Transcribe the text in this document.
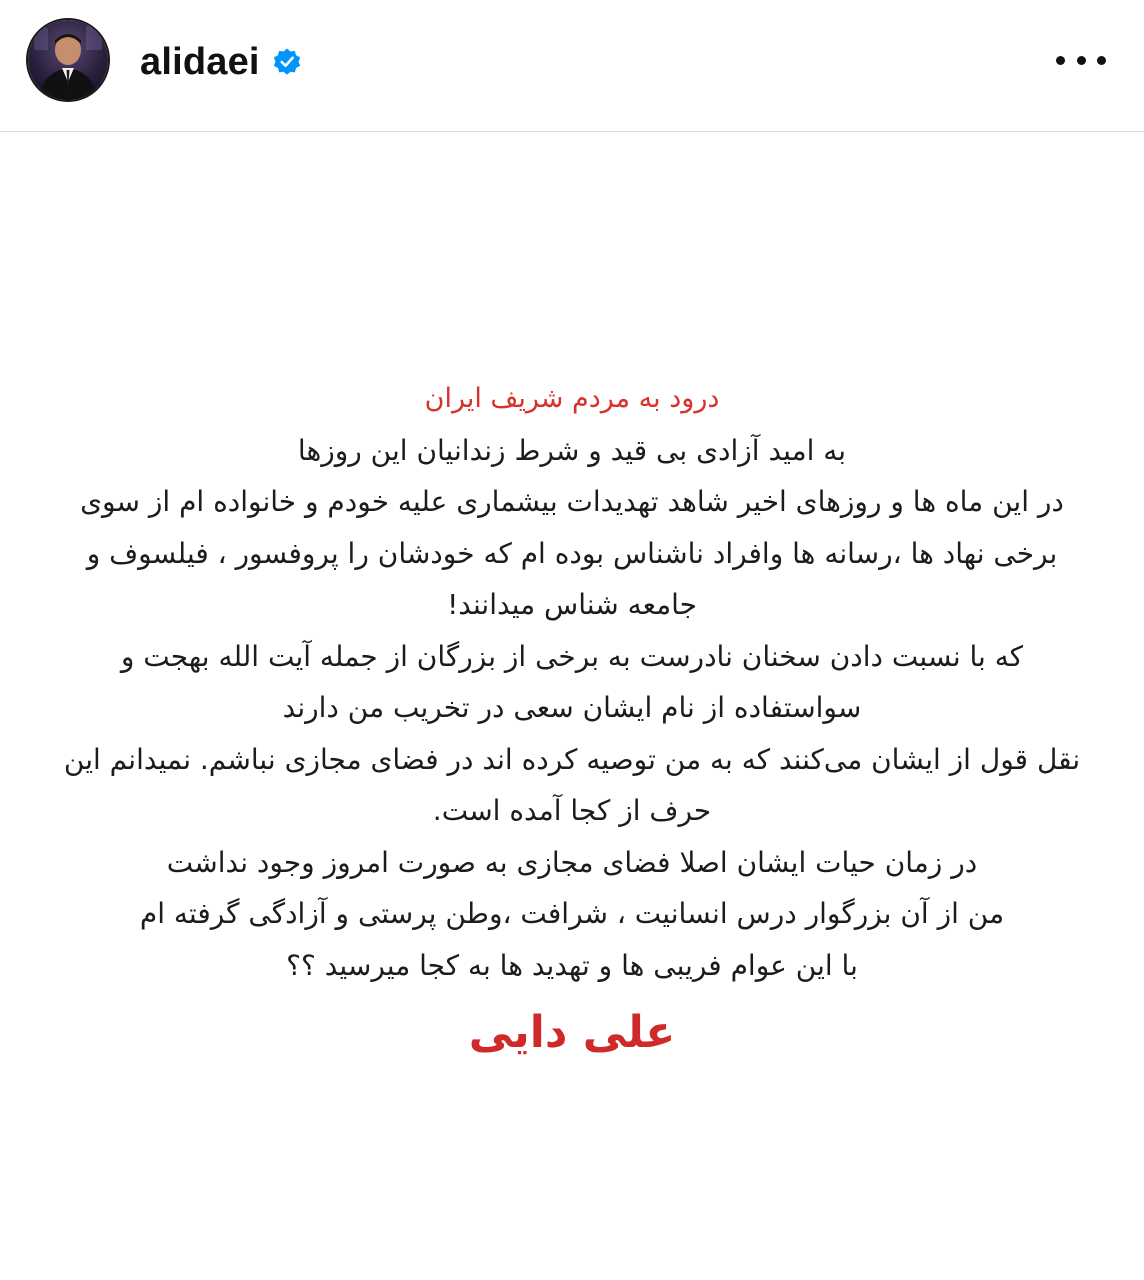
alidaei
درود به مردم شریف ایران
به امید آزادی بی قید و شرط زندانیان این روزها
در این ماه ها و روزهای اخیر شاهد تهدیدات بیشماری علیه خودم و خانواده ام از سوی
برخی نهاد ها ،رسانه ها وافراد ناشناس بوده ام که خودشان را پروفسور ، فیلسوف و
جامعه شناس میدانند!
که با نسبت دادن سخنان نادرست به برخی از بزرگان از جمله آیت الله بهجت و
سواستفاده از نام ایشان سعی در تخریب من دارند
نقل قول از ایشان می‌کنند که به من توصیه کرده اند در فضای مجازی نباشم. نمیدانم این
حرف از کجا آمده است.
در زمان حیات ایشان اصلا فضای مجازی به صورت امروز وجود نداشت
من از آن بزرگوار درس انسانیت ، شرافت ،وطن پرستی و آزادگی گرفته ام
با این عوام فریبی ها و تهدید ها به کجا میرسید ؟؟
علی دایی
